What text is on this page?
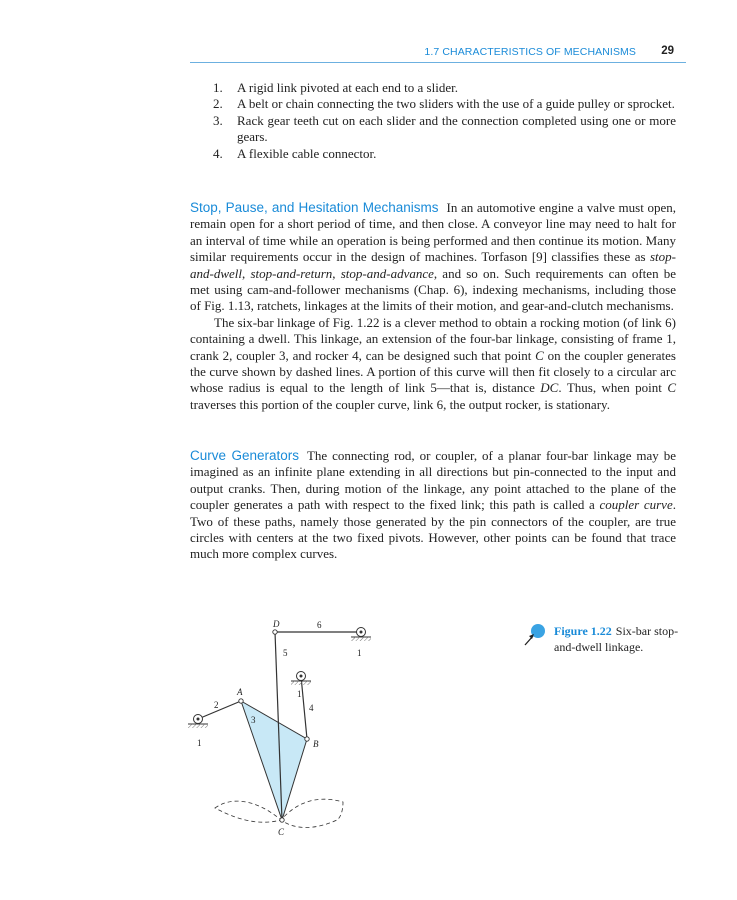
1.7 CHARACTERISTICS OF MECHANISMS 29
1. A rigid link pivoted at each end to a slider.
2. A belt or chain connecting the two sliders with the use of a guide pulley or sprocket.
3. Rack gear teeth cut on each slider and the connection completed using one or more gears.
4. A flexible cable connector.

Stop, Pause, and Hesitation Mechanisms In an automotive engine a valve must open, remain open for a short period of time, and then close. A conveyor line may need to halt for an interval of time while an operation is being performed and then continue its motion. Many similar requirements occur in the design of machines. Torfason [9] classifies these as stop-and-dwell, stop-and-return, stop-and-advance, and so on. Such requirements can often be met using cam-and-follower mechanisms (Chap. 6), indexing mechanisms, including those of Fig. 1.13, ratchets, linkages at the limits of their motion, and gear-and-clutch mechanisms.

The six-bar linkage of Fig. 1.22 is a clever method to obtain a rocking motion (of link 6) containing a dwell. This linkage, an extension of the four-bar linkage, consisting of frame 1, crank 2, coupler 3, and rocker 4, can be designed such that point C on the coupler generates the curve shown by dashed lines. A portion of this curve will then fit closely to a circular arc whose radius is equal to the length of link 5—that is, distance DC. Thus, when point C traverses this portion of the coupler curve, link 6, the output rocker, is stationary.

Curve Generators The connecting rod, or coupler, of a planar four-bar linkage may be imagined as an infinite plane extending in all directions but pin-connected to the input and output cranks. Then, during motion of the linkage, any point attached to the plane of the coupler generates a path with respect to the fixed link; this path is called a coupler curve. Two of these paths, namely those generated by the pin connectors of the coupler, are true circles with centers at the two fixed pivots. However, other points can be found that trace much more complex curves.

D	6
5	1
1
4
A
2
3
B
1
C
Figure 1.22 Six-bar stop-and-dwell linkage.
